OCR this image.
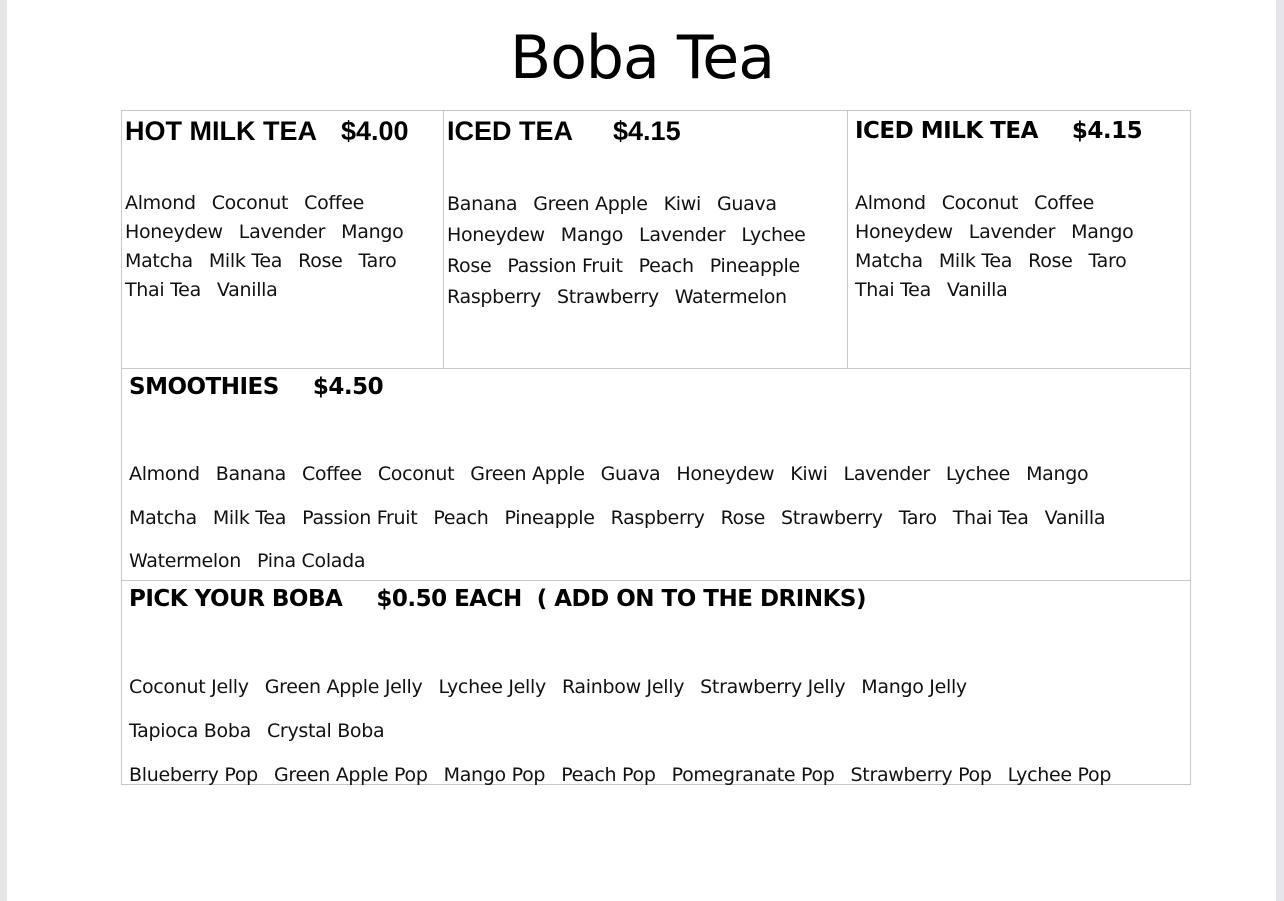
Boba Tea
HOT MILK TEA $4.00
Almond Coconut Coffee
Honeydew Lavender Mango
Matcha Milk Tea Rose Taro
Thai Tea Vanilla
ICED TEA $4.15
Banana Green Apple Kiwi Guava
Honeydew Mango Lavender Lychee
Rose Passion Fruit Peach Pineapple
Raspberry Strawberry Watermelon
ICED MILK TEA $4.15
Almond Coconut Coffee
Honeydew Lavender Mango
Matcha Milk Tea Rose Taro
Thai Tea Vanilla
SMOOTHIES $4.50
Almond Banana Coffee Coconut Green Apple Guava Honeydew Kiwi Lavender Lychee Mango
Matcha Milk Tea Passion Fruit Peach Pineapple Raspberry Rose Strawberry Taro Thai Tea Vanilla
Watermelon Pina Colada
PICK YOUR BOBA $0.50 EACH  ( ADD ON TO THE DRINKS)
Coconut Jelly Green Apple Jelly Lychee Jelly Rainbow Jelly Strawberry Jelly Mango Jelly
Tapioca Boba Crystal Boba
Blueberry Pop Green Apple Pop Mango Pop Peach Pop Pomegranate Pop Strawberry Pop Lychee Pop
